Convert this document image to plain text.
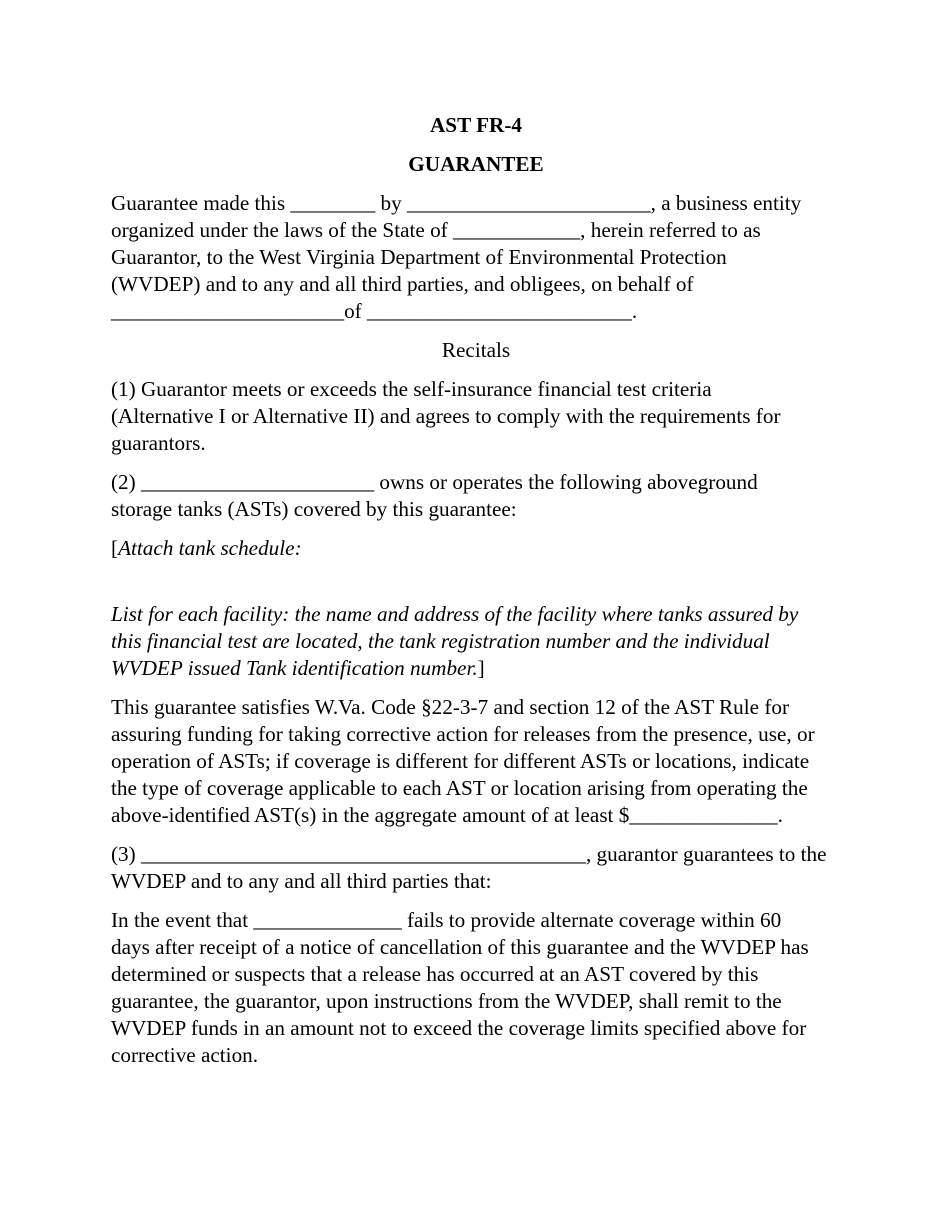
AST FR-4
GUARANTEE

Guarantee made this ________ by _______________________, a business entity
organized under the laws of the State of ____________, herein referred to as
Guarantor, to the West Virginia Department of Environmental Protection
(WVDEP) and to any and all third parties, and obligees, on behalf of
______________________of _________________________.

Recitals

(1) Guarantor meets or exceeds the self-insurance financial test criteria
(Alternative I or Alternative II) and agrees to comply with the requirements for
guarantors.

(2) ______________________ owns or operates the following aboveground
storage tanks (ASTs) covered by this guarantee:

[Attach tank schedule:

List for each facility: the name and address of the facility where tanks assured by
this financial test are located, the tank registration number and the individual
WVDEP issued Tank identification number.]

This guarantee satisfies W.Va. Code §22-3-7 and section 12 of the AST Rule for
assuring funding for taking corrective action for releases from the presence, use, or
operation of ASTs; if coverage is different for different ASTs or locations, indicate
the type of coverage applicable to each AST or location arising from operating the
above-identified AST(s) in the aggregate amount of at least $______________.

(3) __________________________________________, guarantor guarantees to the
WVDEP and to any and all third parties that:

In the event that ______________ fails to provide alternate coverage within 60
days after receipt of a notice of cancellation of this guarantee and the WVDEP has
determined or suspects that a release has occurred at an AST covered by this
guarantee, the guarantor, upon instructions from the WVDEP, shall remit to the
WVDEP funds in an amount not to exceed the coverage limits specified above for
corrective action.
